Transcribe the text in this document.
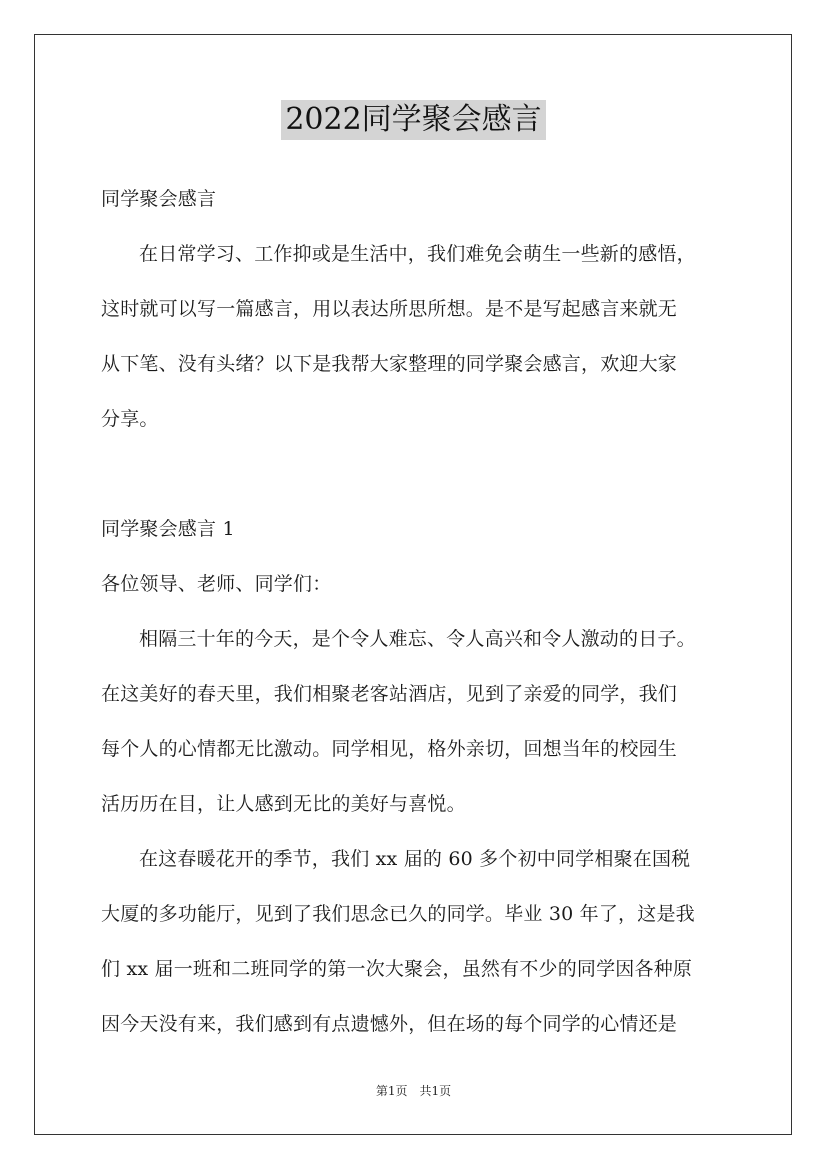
2022同学聚会感言

同学聚会感言

在日常学习、工作抑或是生活中，我们难免会萌生一些新的感悟，

这时就可以写一篇感言，用以表达所思所想。是不是写起感言来就无
从下笔、没有头绪？以下是我帮大家整理的同学聚会感言，欢迎大家
分享。

同学聚会感言 1

各位领导、老师、同学们：

相隔三十年的今天，是个令人难忘、令人高兴和令人激动的日子。

在这美好的春天里，我们相聚老客站酒店，见到了亲爱的同学，我们
每个人的心情都无比激动。同学相见，格外亲切，回想当年的校园生
活历历在目，让人感到无比的美好与喜悦。

在这春暖花开的季节，我们 xx 届的 60 多个初中同学相聚在国税

大厦的多功能厅，见到了我们思念已久的同学。毕业 30 年了，这是我
们 xx 届一班和二班同学的第一次大聚会，虽然有不少的同学因各种原
因今天没有来，我们感到有点遗憾外，但在场的每个同学的心情还是

第1页　共1页
